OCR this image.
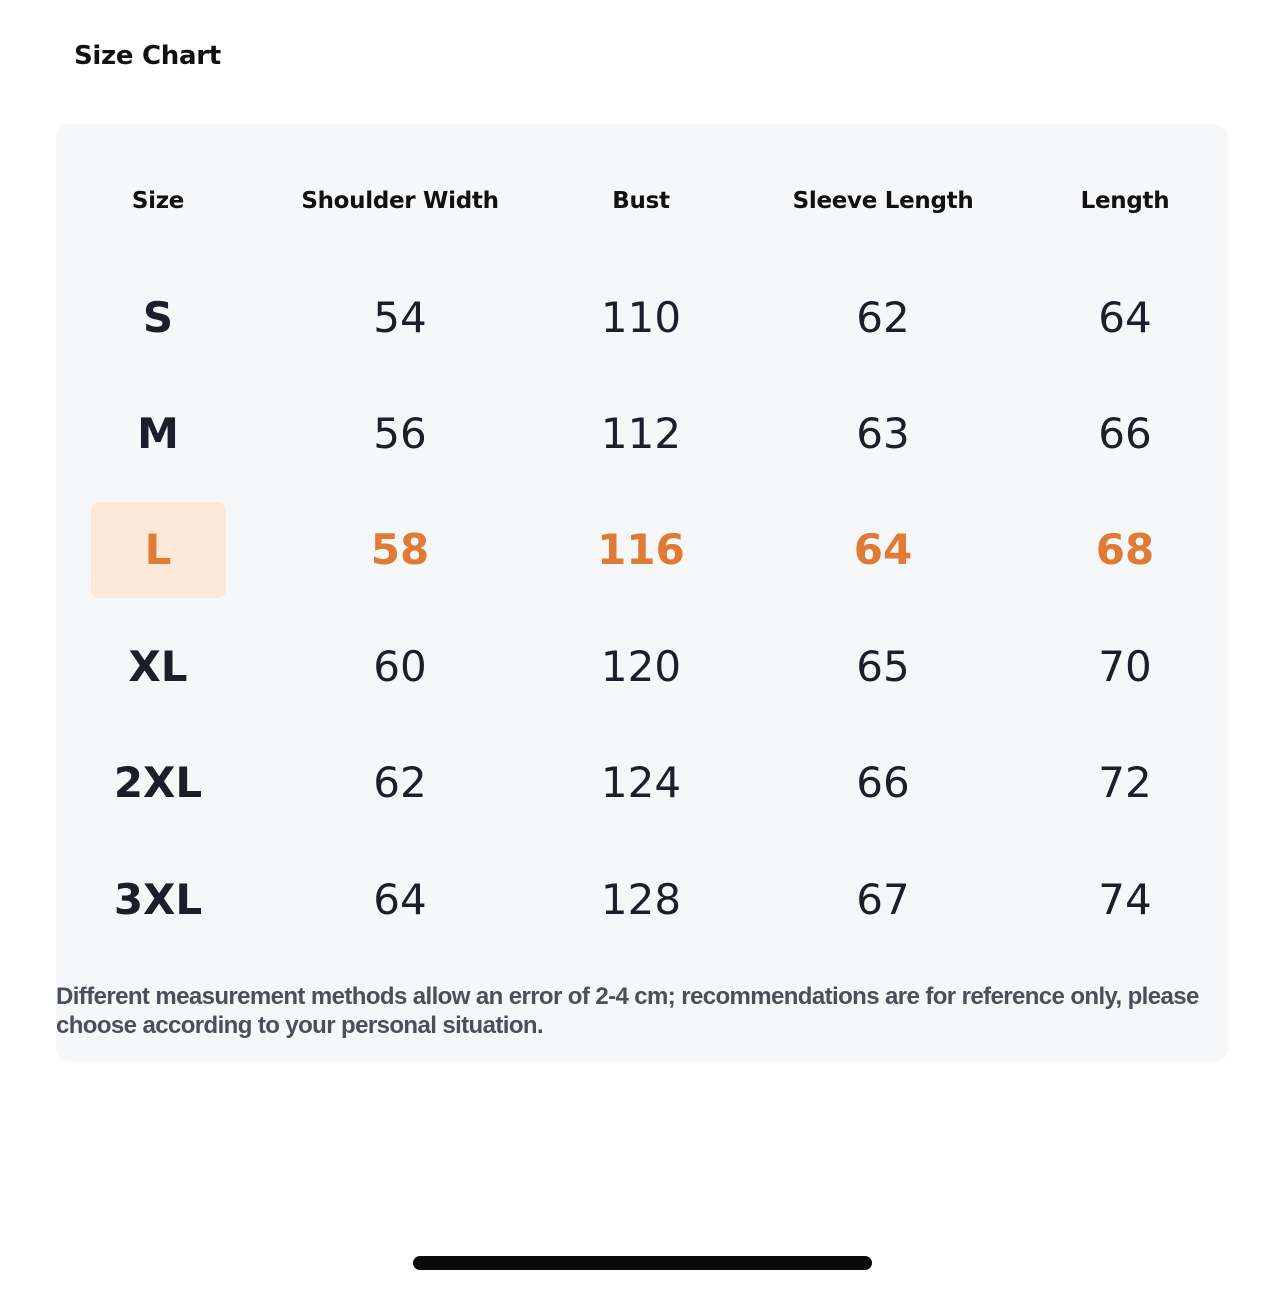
Size Chart
Size	Shoulder Width	Bust	Sleeve Length	Length
S	54	110	62	64
M	56	112	63	66
L	58	116	64	68
XL	60	120	65	70
2XL	62	124	66	72
3XL	64	128	67	74
Different measurement methods allow an error of 2-4 cm; recommendations are for reference only, please choose according to your personal situation.
